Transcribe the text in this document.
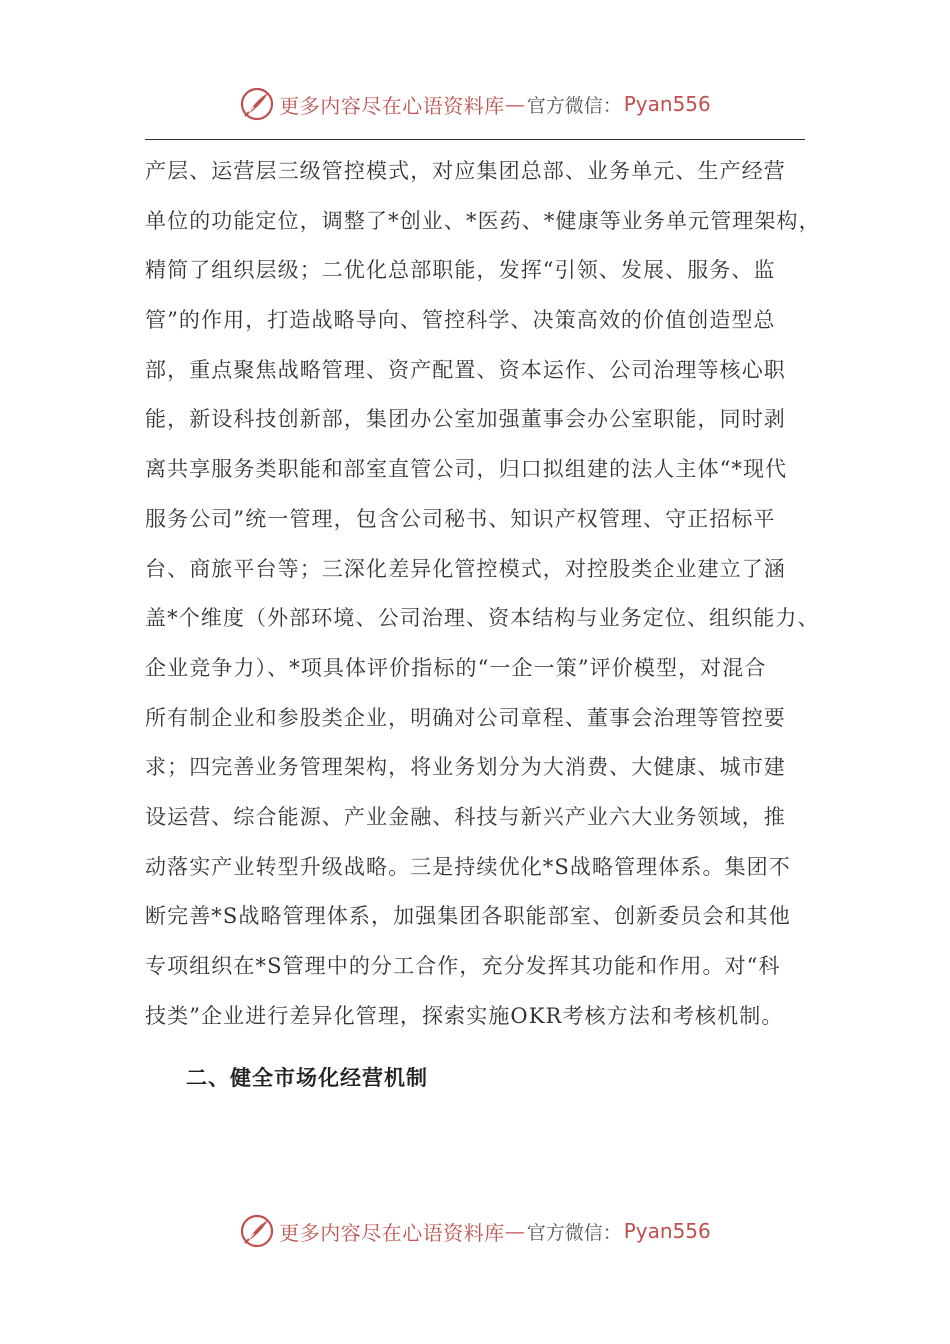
更多内容尽在心语资料库 — 官方微信： Pyan556
产层、运营层三级管控模式，对应集团总部、业务单元、生产经营
单位的功能定位，调整了*创业、*医药、*健康等业务单元管理架构，
精简了组织层级；二优化总部职能，发挥“引领、发展、服务、监
管”的作用，打造战略导向、管控科学、决策高效的价值创造型总
部，重点聚焦战略管理、资产配置、资本运作、公司治理等核心职
能，新设科技创新部，集团办公室加强董事会办公室职能，同时剥
离共享服务类职能和部室直管公司，归口拟组建的法人主体“*现代
服务公司”统一管理，包含公司秘书、知识产权管理、守正招标平
台、商旅平台等；三深化差异化管控模式，对控股类企业建立了涵
盖*个维度（外部环境、公司治理、资本结构与业务定位、组织能力、
企业竞争力）、*项具体评价指标的“一企一策”评价模型，对混合
所有制企业和参股类企业，明确对公司章程、董事会治理等管控要
求；四完善业务管理架构，将业务划分为大消费、大健康、城市建
设运营、综合能源、产业金融、科技与新兴产业六大业务领域，推
动落实产业转型升级战略。三是持续优化*S战略管理体系。集团不
断完善*S战略管理体系，加强集团各职能部室、创新委员会和其他
专项组织在*S管理中的分工合作，充分发挥其功能和作用。对“科
技类”企业进行差异化管理，探索实施OKR考核方法和考核机制。
二、健全市场化经营机制
更多内容尽在心语资料库 — 官方微信： Pyan556
